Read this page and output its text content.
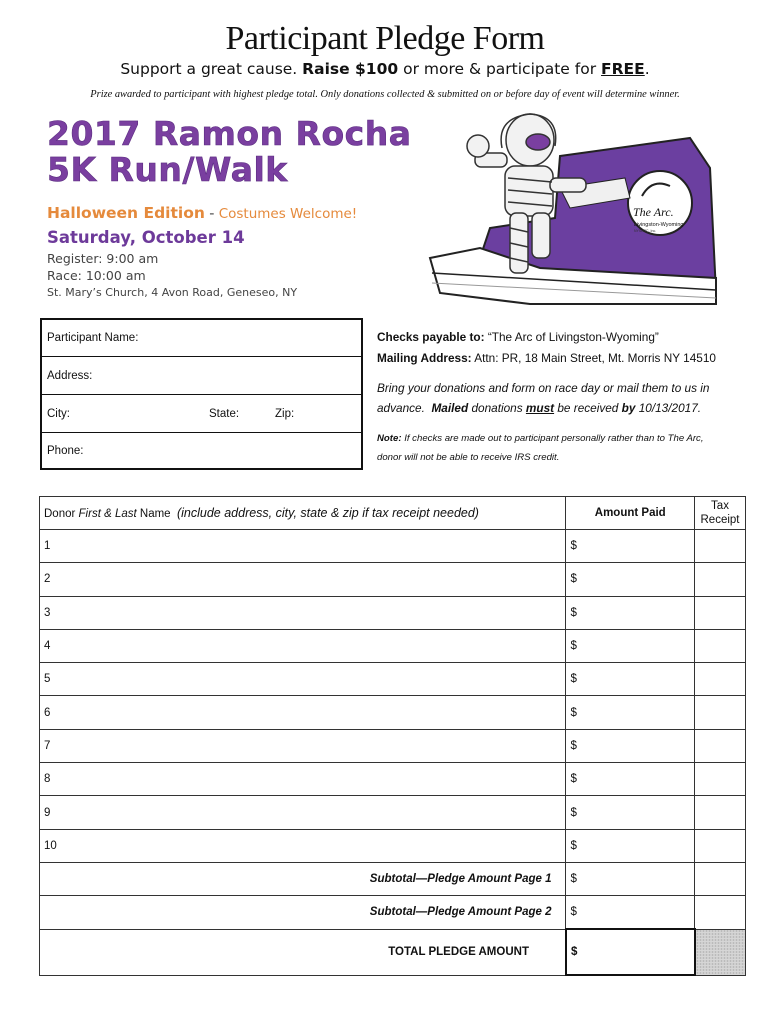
Participant Pledge Form
Support a great cause. Raise $100 or more & participate for FREE.
Prize awarded to participant with highest pledge total. Only donations collected & submitted on or before day of event will determine winner.
2017 Ramon Rocha
5K Run/Walk
Halloween Edition - Costumes Welcome!
Saturday, October 14
Register: 9:00 am
Race: 10:00 am
St. Mary’s Church, 4 Avon Road, Geneseo, NY
The Arc.
Livingston-Wyoming
NYSARC, Inc.
Participant Name:
Address:
City:	State:	Zip:
Phone:
Checks payable to: “The Arc of Livingston-Wyoming”
Mailing Address: Attn: PR, 18 Main Street, Mt. Morris NY 14510
Bring your donations and form on race day or mail them to us in
advance. Mailed donations must be received by 10/13/2017.
Note: If checks are made out to participant personally rather than to The Arc,
donor will not be able to receive IRS credit.
Donor First & Last Name (include address, city, state & zip if tax receipt needed)	Amount Paid	Tax
Receipt

1	$	
2	$	
3	$	
4	$	
5	$	
6	$	
7	$	
8	$	
9	$	
10	$	
Subtotal—Pledge Amount Page 1	$	
Subtotal—Pledge Amount Page 2	$	
TOTAL PLEDGE AMOUNT	$	
